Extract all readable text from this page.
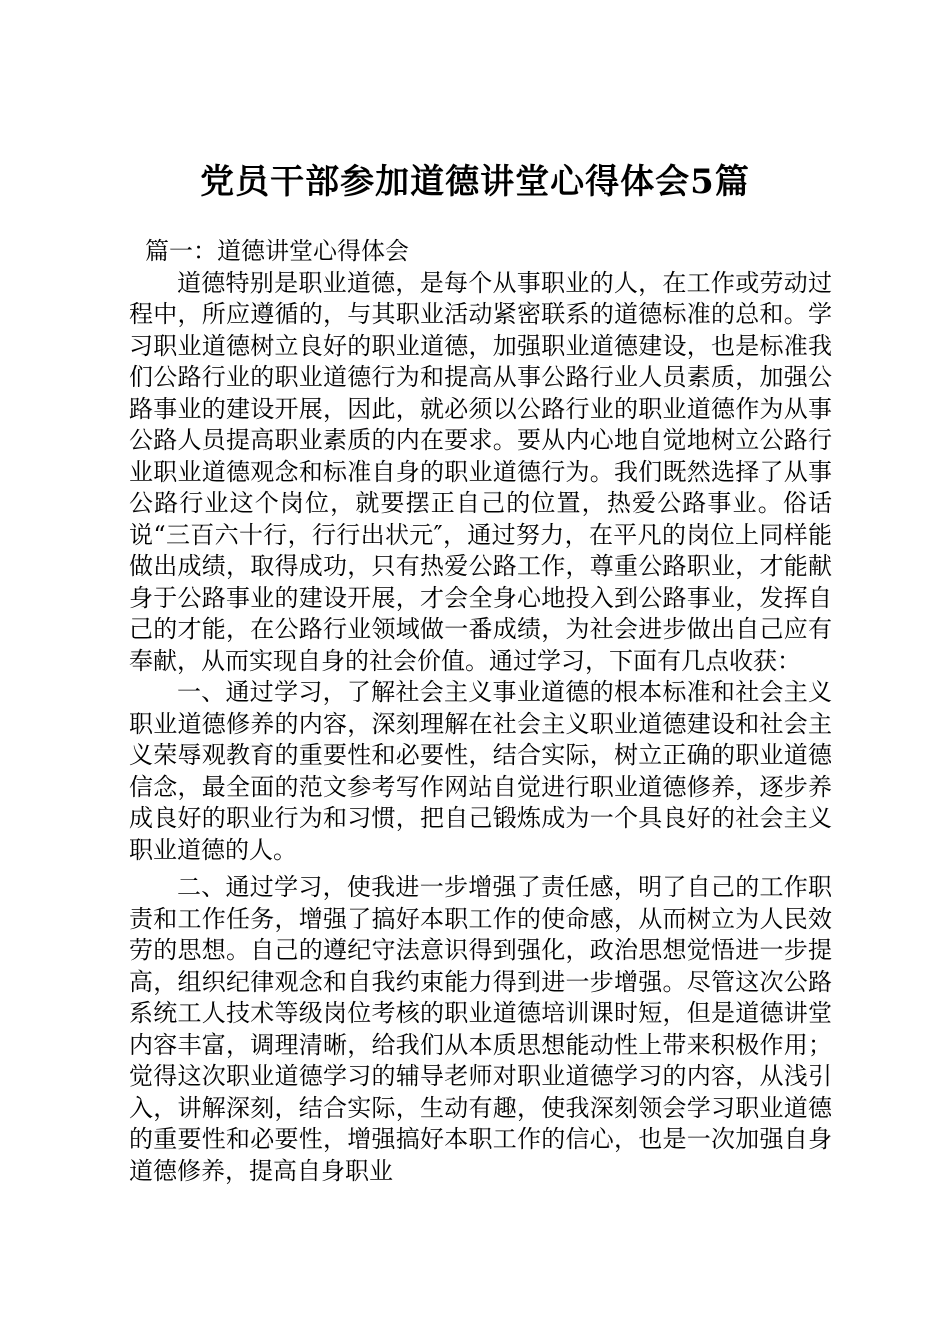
党员干部参加道德讲堂心得体会5篇

篇一：道德讲堂心得体会

道德特别是职业道德，是每个从事职业的人，在工作或劳动过程中，所应遵循的，与其职业活动紧密联系的道德标准的总和。学习职业道德树立良好的职业道德，加强职业道德建设，也是标准我们公路行业的职业道德行为和提高从事公路行业人员素质，加强公路事业的建设开展，因此，就必须以公路行业的职业道德作为从事公路人员提高职业素质的内在要求。要从内心地自觉地树立公路行业职业道德观念和标准自身的职业道德行为。我们既然选择了从事公路行业这个岗位，就要摆正自己的位置，热爱公路事业。俗话说“三百六十行，行行出状元″，通过努力，在平凡的岗位上同样能做出成绩，取得成功，只有热爱公路工作，尊重公路职业，才能献身于公路事业的建设开展，才会全身心地投入到公路事业，发挥自己的才能，在公路行业领域做一番成绩，为社会进步做出自己应有奉献，从而实现自身的社会价值。通过学习，下面有几点收获：

一、通过学习，了解社会主义事业道德的根本标准和社会主义职业道德修养的内容，深刻理解在社会主义职业道德建设和社会主义荣辱观教育的重要性和必要性，结合实际，树立正确的职业道德信念，最全面的范文参考写作网站自觉进行职业道德修养，逐步养成良好的职业行为和习惯，把自己锻炼成为一个具良好的社会主义职业道德的人。

二、通过学习，使我进一步增强了责任感，明了自己的工作职责和工作任务，增强了搞好本职工作的使命感，从而树立为人民效劳的思想。自己的遵纪守法意识得到强化，政治思想觉悟进一步提高，组织纪律观念和自我约束能力得到进一步增强。尽管这次公路系统工人技术等级岗位考核的职业道德培训课时短，但是道德讲堂内容丰富，调理清晰，给我们从本质思想能动性上带来积极作用；觉得这次职业道德学习的辅导老师对职业道德学习的内容，从浅引入，讲解深刻，结合实际，生动有趣，使我深刻领会学习职业道德的重要性和必要性，增强搞好本职工作的信心，也是一次加强自身道德修养，提高自身职业
